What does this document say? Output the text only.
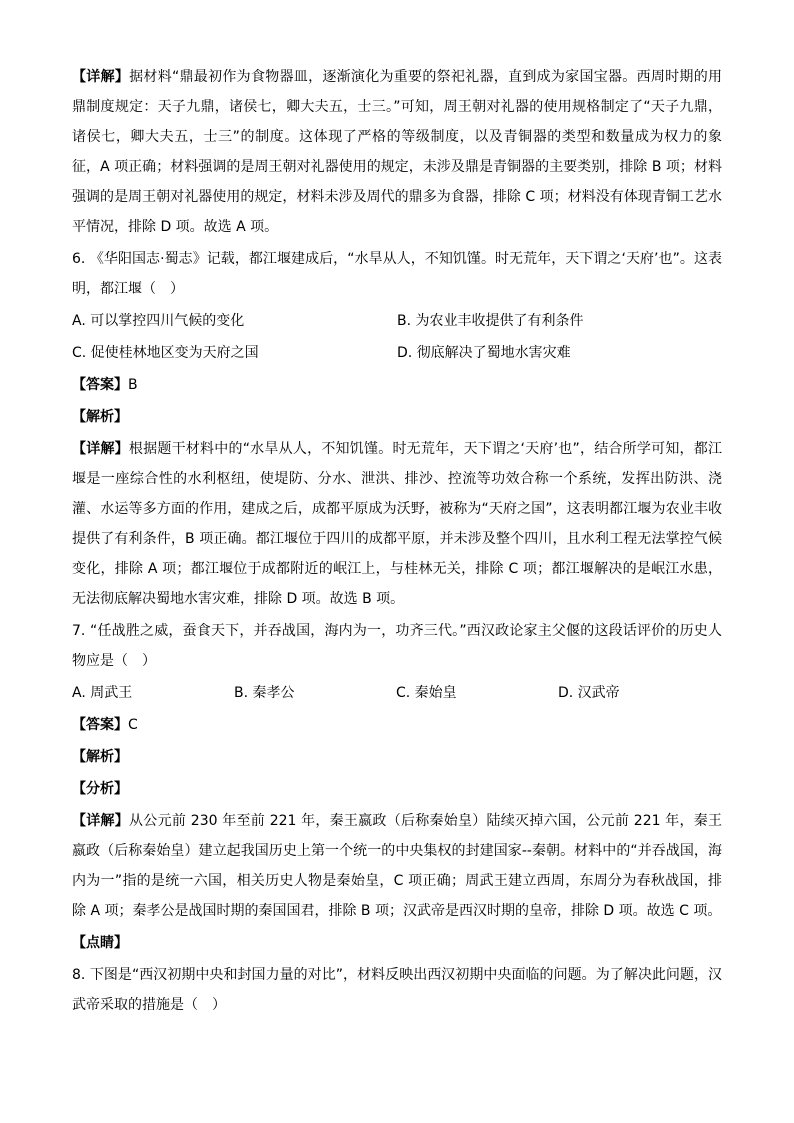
【详解】据材料“鼎最初作为食物器皿，逐渐演化为重要的祭祀礼器，直到成为家国宝器。西周时期的用鼎制度规定：天子九鼎，诸侯七，卿大夫五，士三。”可知，周王朝对礼器的使用规格制定了“天子九鼎，诸侯七，卿大夫五，士三”的制度。这体现了严格的等级制度，以及青铜器的类型和数量成为权力的象征，A 项正确；材料强调的是周王朝对礼器使用的规定，未涉及鼎是青铜器的主要类别，排除 B 项；材料强调的是周王朝对礼器使用的规定，材料未涉及周代的鼎多为食器，排除 C 项；材料没有体现青铜工艺水平情况，排除 D 项。故选 A 项。

6. 《华阳国志·蜀志》记载，都江堰建成后，“水旱从人，不知饥馑。时无荒年，天下谓之‘天府’也”。这表明，都江堰（　）

A. 可以掌控四川气候的变化	B. 为农业丰收提供了有利条件
C. 促使桂林地区变为天府之国	D. 彻底解决了蜀地水害灾难

【答案】B

【解析】

【详解】根据题干材料中的“水旱从人，不知饥馑。时无荒年，天下谓之‘天府’也”，结合所学可知，都江堰是一座综合性的水利枢纽，使堤防、分水、泄洪、排沙、控流等功效合称一个系统，发挥出防洪、浇灌、水运等多方面的作用，建成之后，成都平原成为沃野，被称为“天府之国”，这表明都江堰为农业丰收提供了有利条件，B 项正确。都江堰位于四川的成都平原，并未涉及整个四川，且水利工程无法掌控气候变化，排除 A 项；都江堰位于成都附近的岷江上，与桂林无关，排除 C 项；都江堰解决的是岷江水患，无法彻底解决蜀地水害灾难，排除 D 项。故选 B 项。

7. “任战胜之威，蚕食天下，并吞战国，海内为一，功齐三代。”西汉政论家主父偃的这段话评价的历史人物应是（　）

A. 周武王	B. 秦孝公	C. 秦始皇	D. 汉武帝

【答案】C

【解析】

【分析】

【详解】从公元前 230 年至前 221 年，秦王嬴政（后称秦始皇）陆续灭掉六国，公元前 221 年，秦王嬴政（后称秦始皇）建立起我国历史上第一个统一的中央集权的封建国家--秦朝。材料中的“并吞战国，海内为一”指的是统一六国，相关历史人物是秦始皇，C 项正确；周武王建立西周，东周分为春秋战国，排除 A 项；秦孝公是战国时期的秦国国君，排除 B 项；汉武帝是西汉时期的皇帝，排除 D 项。故选 C 项。

【点睛】

8. 下图是“西汉初期中央和封国力量的对比”，材料反映出西汉初期中央面临的问题。为了解决此问题，汉武帝采取的措施是（　）
